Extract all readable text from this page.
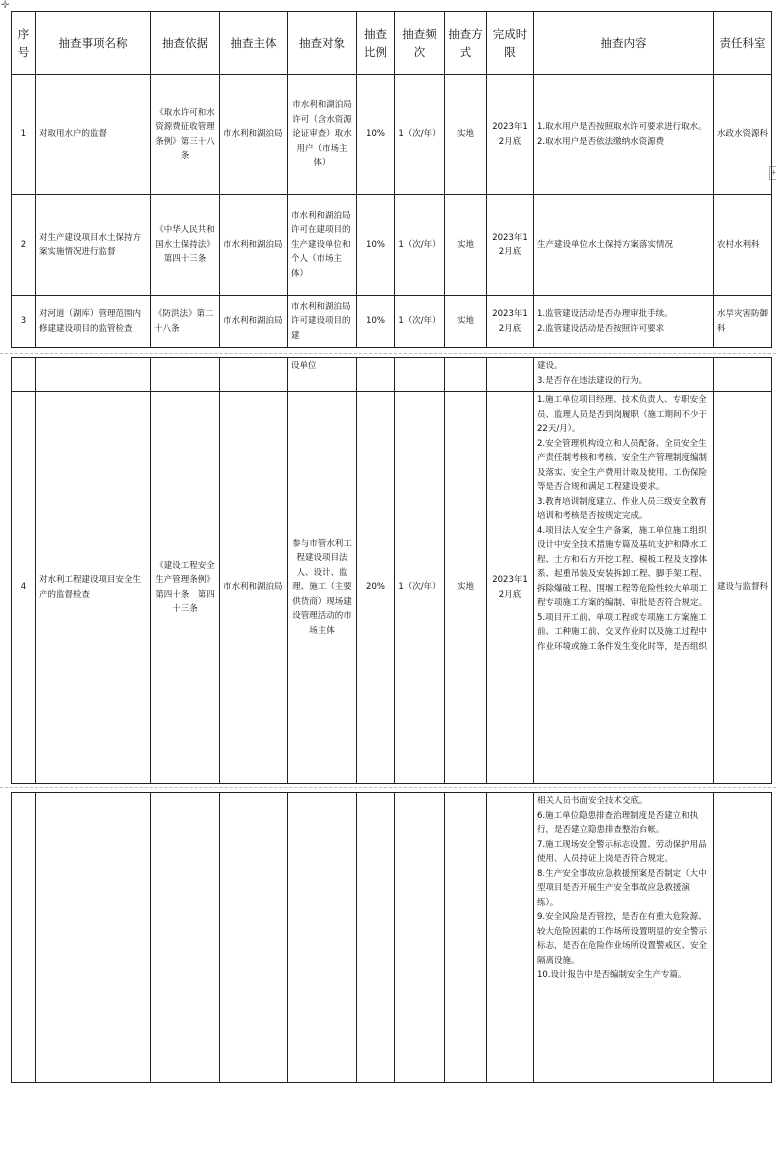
✛
+
序号	抽查事项名称	抽查依据	抽查主体	抽查对象	抽查比例	抽查频次	抽查方式	完成时限	抽查内容	责任科室
1	对取用水户的监督	《取水许可和水资源费征收管理条例》第三十八条	市水利和湖泊局	市水利和湖泊局许可（含水资源论证审查）取水用户（市场主体）	10%	1（次/年）	实地	2023年12月底	1.取水用户是否按照取水许可要求进行取水。
2.取水用户是否依法缴纳水资源费	水政水资源科
2	对生产建设项目水土保持方案实施情况进行监督	《中华人民共和国水土保持法》第四十三条	市水利和湖泊局	市水利和湖泊局许可在建项目的生产建设单位和个人（市场主体）	10%	1（次/年）	实地	2023年12月底	生产建设单位水土保持方案落实情况	农村水利科
3	对河道（湖库）管理范围内修建建设项目的监管检查	《防洪法》第二十八条	市水利和湖泊局	市水利和湖泊局许可建设项目的建	10%	1（次/年）	实地	2023年12月底	1.监管建设活动是否办理审批手续。
2.监管建设活动是否按照许可要求	水旱灾害防御科
				设单位					建设。
3.是否存在违法建设的行为。	

4	对水利工程建设项目安全生产的监督检查	《建设工程安全生产管理条例》第四十条　第四十三条	市水利和湖泊局	参与市管水利工程建设项目法人、设计、监理、施工（主要供货商）现场建设管理活动的市场主体	20%	1（次/年）	实地	2023年12月底	1.施工单位项目经理、技术负责人、专职安全员、监理人员是否到岗履职（施工期间不少于22天/月）。
2.安全管理机构设立和人员配备、全员安全生产责任制考核和考核、安全生产管理制度编制及落实、安全生产费用计取及使用、工伤保险等是否合规和满足工程建设要求。
3.教育培训制度建立、作业人员三级安全教育培训和考核是否按规定完成。
4.项目法人安全生产备案，施工单位施工组织设计中安全技术措施专篇及基坑支护和降水工程、土方和石方开挖工程、模板工程及支撑体系、起重吊装及安装拆卸工程、脚手架工程、拆除爆破工程、围堰工程等危险性较大单项工程专项施工方案的编制、审批是否符合规定。
5.项目开工前、单项工程或专项施工方案施工前、工种施工前、交叉作业时以及施工过程中作业环境或施工条件发生变化时等，是否组织	建设与监督科

相关人员书面安全技术交底。
6.施工单位隐患排查治理制度是否建立和执行，是否建立隐患排查整治台帐。
7.施工现场安全警示标志设置、劳动保护用品使用、人员持证上岗是否符合规定。
8.生产安全事故应急救援预案是否制定（大中型项目是否开展生产安全事故应急救援演练）。
9.安全风险是否管控，是否在有重大危险源、较大危险因素的工作场所设置明显的安全警示标志，是否在危险作业场所设置警戒区、安全隔离设施。
10.设计报告中是否编制安全生产专篇。
